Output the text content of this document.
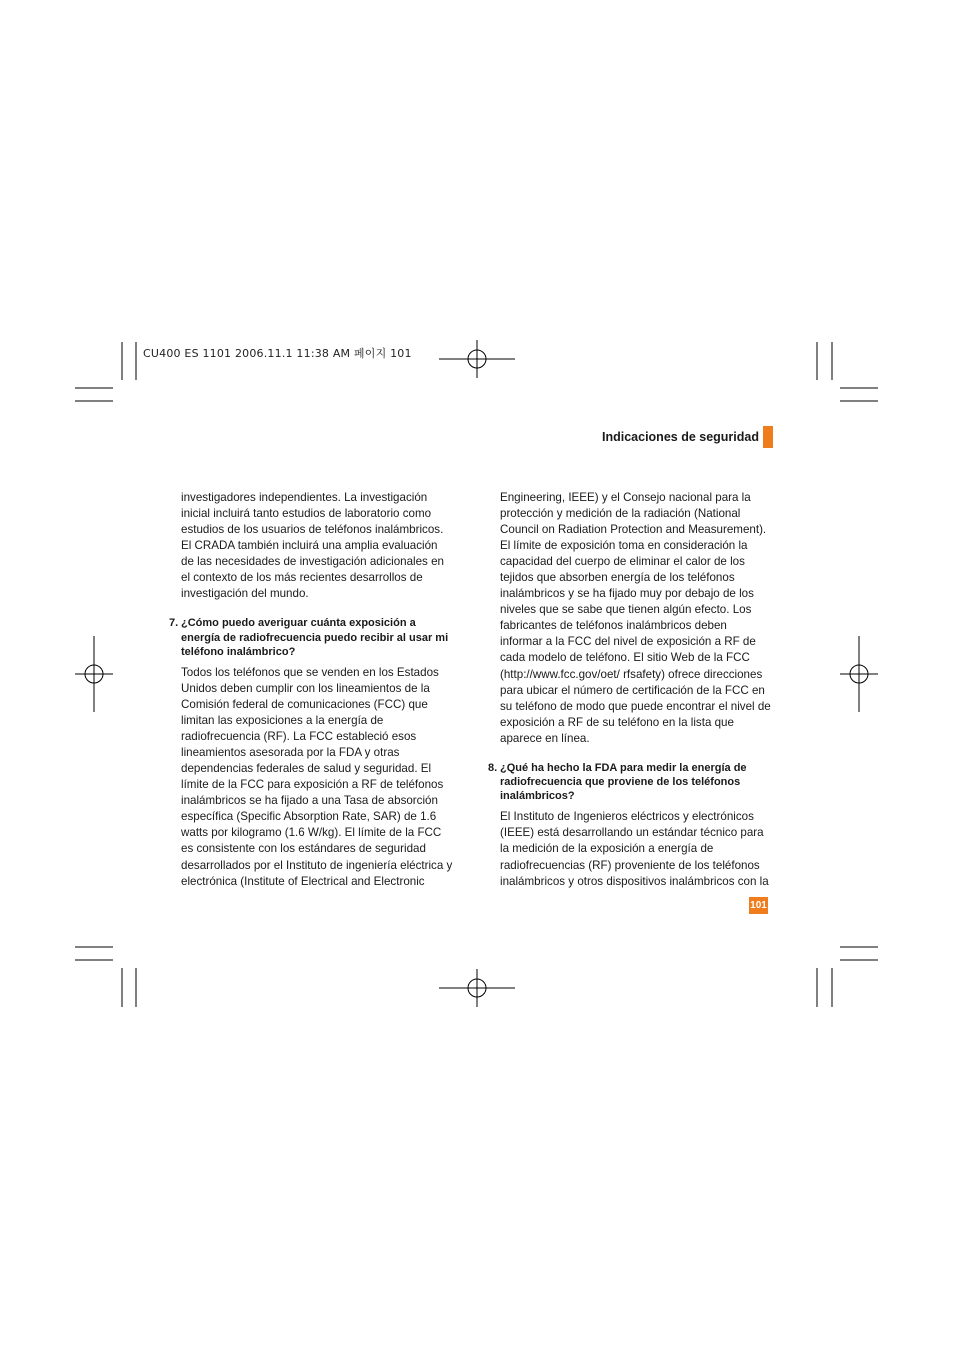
CU400 ES 1101 2006.11.1 11:38 AM 페이지 101
Indicaciones de seguridad

investigadores independientes. La investigación inicial incluirá tanto estudios de laboratorio como estudios de los usuarios de teléfonos inalámbricos. El CRADA también incluirá una amplia evaluación de las necesidades de investigación adicionales en el contexto de los más recientes desarrollos de investigación del mundo.

7. ¿Cómo puedo averiguar cuánta exposición a energía de radiofrecuencia puedo recibir al usar mi teléfono inalámbrico?

Todos los teléfonos que se venden en los Estados Unidos deben cumplir con los lineamientos de la Comisión federal de comunicaciones (FCC) que limitan las exposiciones a la energía de radiofrecuencia (RF). La FCC estableció esos lineamientos asesorada por la FDA y otras dependencias federales de salud y seguridad. El límite de la FCC para exposición a RF de teléfonos inalámbricos se ha fijado a una Tasa de absorción específica (Specific Absorption Rate, SAR) de 1.6 watts por kilogramo (1.6 W/kg). El límite de la FCC es consistente con los estándares de seguridad desarrollados por el Instituto de ingeniería eléctrica y electrónica (Institute of Electrical and Electronic

Engineering, IEEE) y el Consejo nacional para la protección y medición de la radiación (National Council on Radiation Protection and Measurement). El límite de exposición toma en consideración la capacidad del cuerpo de eliminar el calor de los tejidos que absorben energía de los teléfonos inalámbricos y se ha fijado muy por debajo de los niveles que se sabe que tienen algún efecto. Los fabricantes de teléfonos inalámbricos deben informar a la FCC del nivel de exposición a RF de cada modelo de teléfono. El sitio Web de la FCC (http://www.fcc.gov/oet/ rfsafety) ofrece direcciones para ubicar el número de certificación de la FCC en su teléfono de modo que puede encontrar el nivel de exposición a RF de su teléfono en la lista que aparece en línea.

8. ¿Qué ha hecho la FDA para medir la energía de radiofrecuencia que proviene de los teléfonos inalámbricos?

El Instituto de Ingenieros eléctricos y electrónicos (IEEE) está desarrollando un estándar técnico para la medición de la exposición a energía de radiofrecuencias (RF) proveniente de los teléfonos inalámbricos y otros dispositivos inalámbricos con la

101
